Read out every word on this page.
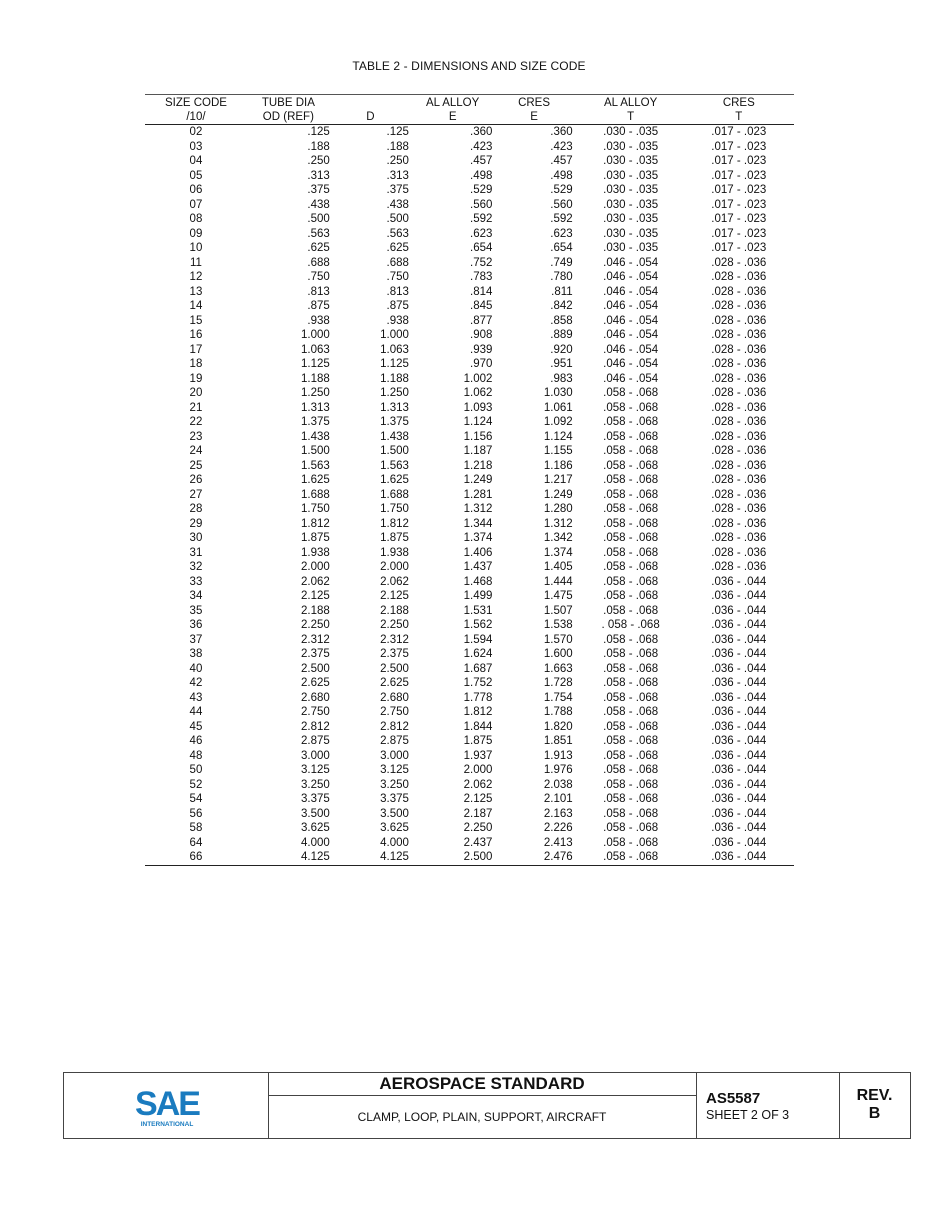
TABLE 2 - DIMENSIONS AND SIZE CODE
SIZE CODE	TUBE DIA		AL ALLOY	CRES	AL ALLOY	CRES
/10/	OD (REF)	D	E	E	T	T
02	.125	.125	.360	.360	.030 - .035	.017 - .023
03	.188	.188	.423	.423	.030 - .035	.017 - .023
04	.250	.250	.457	.457	.030 - .035	.017 - .023
05	.313	.313	.498	.498	.030 - .035	.017 - .023
06	.375	.375	.529	.529	.030 - .035	.017 - .023
07	.438	.438	.560	.560	.030 - .035	.017 - .023
08	.500	.500	.592	.592	.030 - .035	.017 - .023
09	.563	.563	.623	.623	.030 - .035	.017 - .023
10	.625	.625	.654	.654	.030 - .035	.017 - .023
11	.688	.688	.752	.749	.046 - .054	.028 - .036
12	.750	.750	.783	.780	.046 - .054	.028 - .036
13	.813	.813	.814	.811	.046 - .054	.028 - .036
14	.875	.875	.845	.842	.046 - .054	.028 - .036
15	.938	.938	.877	.858	.046 - .054	.028 - .036
16	1.000	1.000	.908	.889	.046 - .054	.028 - .036
17	1.063	1.063	.939	.920	.046 - .054	.028 - .036
18	1.125	1.125	.970	.951	.046 - .054	.028 - .036
19	1.188	1.188	1.002	.983	.046 - .054	.028 - .036
20	1.250	1.250	1.062	1.030	.058 - .068	.028 - .036
21	1.313	1.313	1.093	1.061	.058 - .068	.028 - .036
22	1.375	1.375	1.124	1.092	.058 - .068	.028 - .036
23	1.438	1.438	1.156	1.124	.058 - .068	.028 - .036
24	1.500	1.500	1.187	1.155	.058 - .068	.028 - .036
25	1.563	1.563	1.218	1.186	.058 - .068	.028 - .036
26	1.625	1.625	1.249	1.217	.058 - .068	.028 - .036
27	1.688	1.688	1.281	1.249	.058 - .068	.028 - .036
28	1.750	1.750	1.312	1.280	.058 - .068	.028 - .036
29	1.812	1.812	1.344	1.312	.058 - .068	.028 - .036
30	1.875	1.875	1.374	1.342	.058 - .068	.028 - .036
31	1.938	1.938	1.406	1.374	.058 - .068	.028 - .036
32	2.000	2.000	1.437	1.405	.058 - .068	.028 - .036
33	2.062	2.062	1.468	1.444	.058 - .068	.036 - .044
34	2.125	2.125	1.499	1.475	.058 - .068	.036 - .044
35	2.188	2.188	1.531	1.507	.058 - .068	.036 - .044
36	2.250	2.250	1.562	1.538	. 058 - .068	.036 - .044
37	2.312	2.312	1.594	1.570	.058 - .068	.036 - .044
38	2.375	2.375	1.624	1.600	.058 - .068	.036 - .044
40	2.500	2.500	1.687	1.663	.058 - .068	.036 - .044
42	2.625	2.625	1.752	1.728	.058 - .068	.036 - .044
43	2.680	2.680	1.778	1.754	.058 - .068	.036 - .044
44	2.750	2.750	1.812	1.788	.058 - .068	.036 - .044
45	2.812	2.812	1.844	1.820	.058 - .068	.036 - .044
46	2.875	2.875	1.875	1.851	.058 - .068	.036 - .044
48	3.000	3.000	1.937	1.913	.058 - .068	.036 - .044
50	3.125	3.125	2.000	1.976	.058 - .068	.036 - .044
52	3.250	3.250	2.062	2.038	.058 - .068	.036 - .044
54	3.375	3.375	2.125	2.101	.058 - .068	.036 - .044
56	3.500	3.500	2.187	2.163	.058 - .068	.036 - .044
58	3.625	3.625	2.250	2.226	.058 - .068	.036 - .044
64	4.000	4.000	2.437	2.413	.058 - .068	.036 - .044
66	4.125	4.125	2.500	2.476	.058 - .068	.036 - .044
SAE
INTERNATIONAL
AEROSPACE STANDARD
CLAMP, LOOP, PLAIN, SUPPORT, AIRCRAFT
AS5587
SHEET 2 OF 3
REV.
B
